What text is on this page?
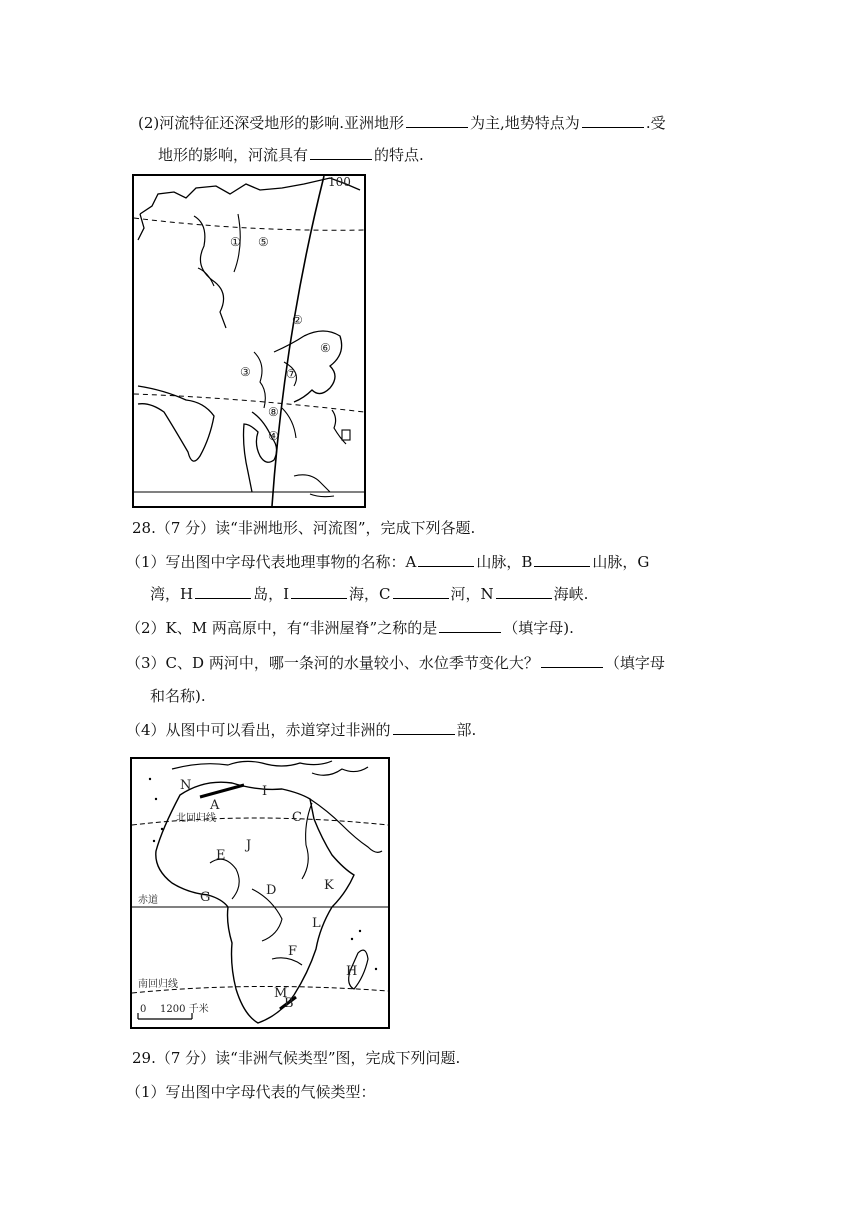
(2)河流特征还深受地形的影响.亚洲地形	为主,地势特点为	.受
地形的影响，河流具有	的特点.
①
②
③
④
⑤
⑥
⑦
⑧
100
28.（7 分）读“非洲地形、河流图”，完成下列各题.
（1）写出图中字母代表地理事物的名称：A	山脉，B	山脉，G
湾，H	岛，I	海，C	河，N	海峡.
（2）K、M 两高原中，有“非洲屋脊”之称的是	（填字母).
（3）C、D 两河中，哪一条河的水量较小、水位季节变化大？	（填字母
和名称).
（4）从图中可以看出，赤道穿过非洲的	部.
0 1200 千米
北回归线
赤道
南回归线
N
A
I
C
J
E
K
D
G
L
F
H
M
B
29.（7 分）读“非洲气候类型”图，完成下列问题.
（1）写出图中字母代表的气候类型：
